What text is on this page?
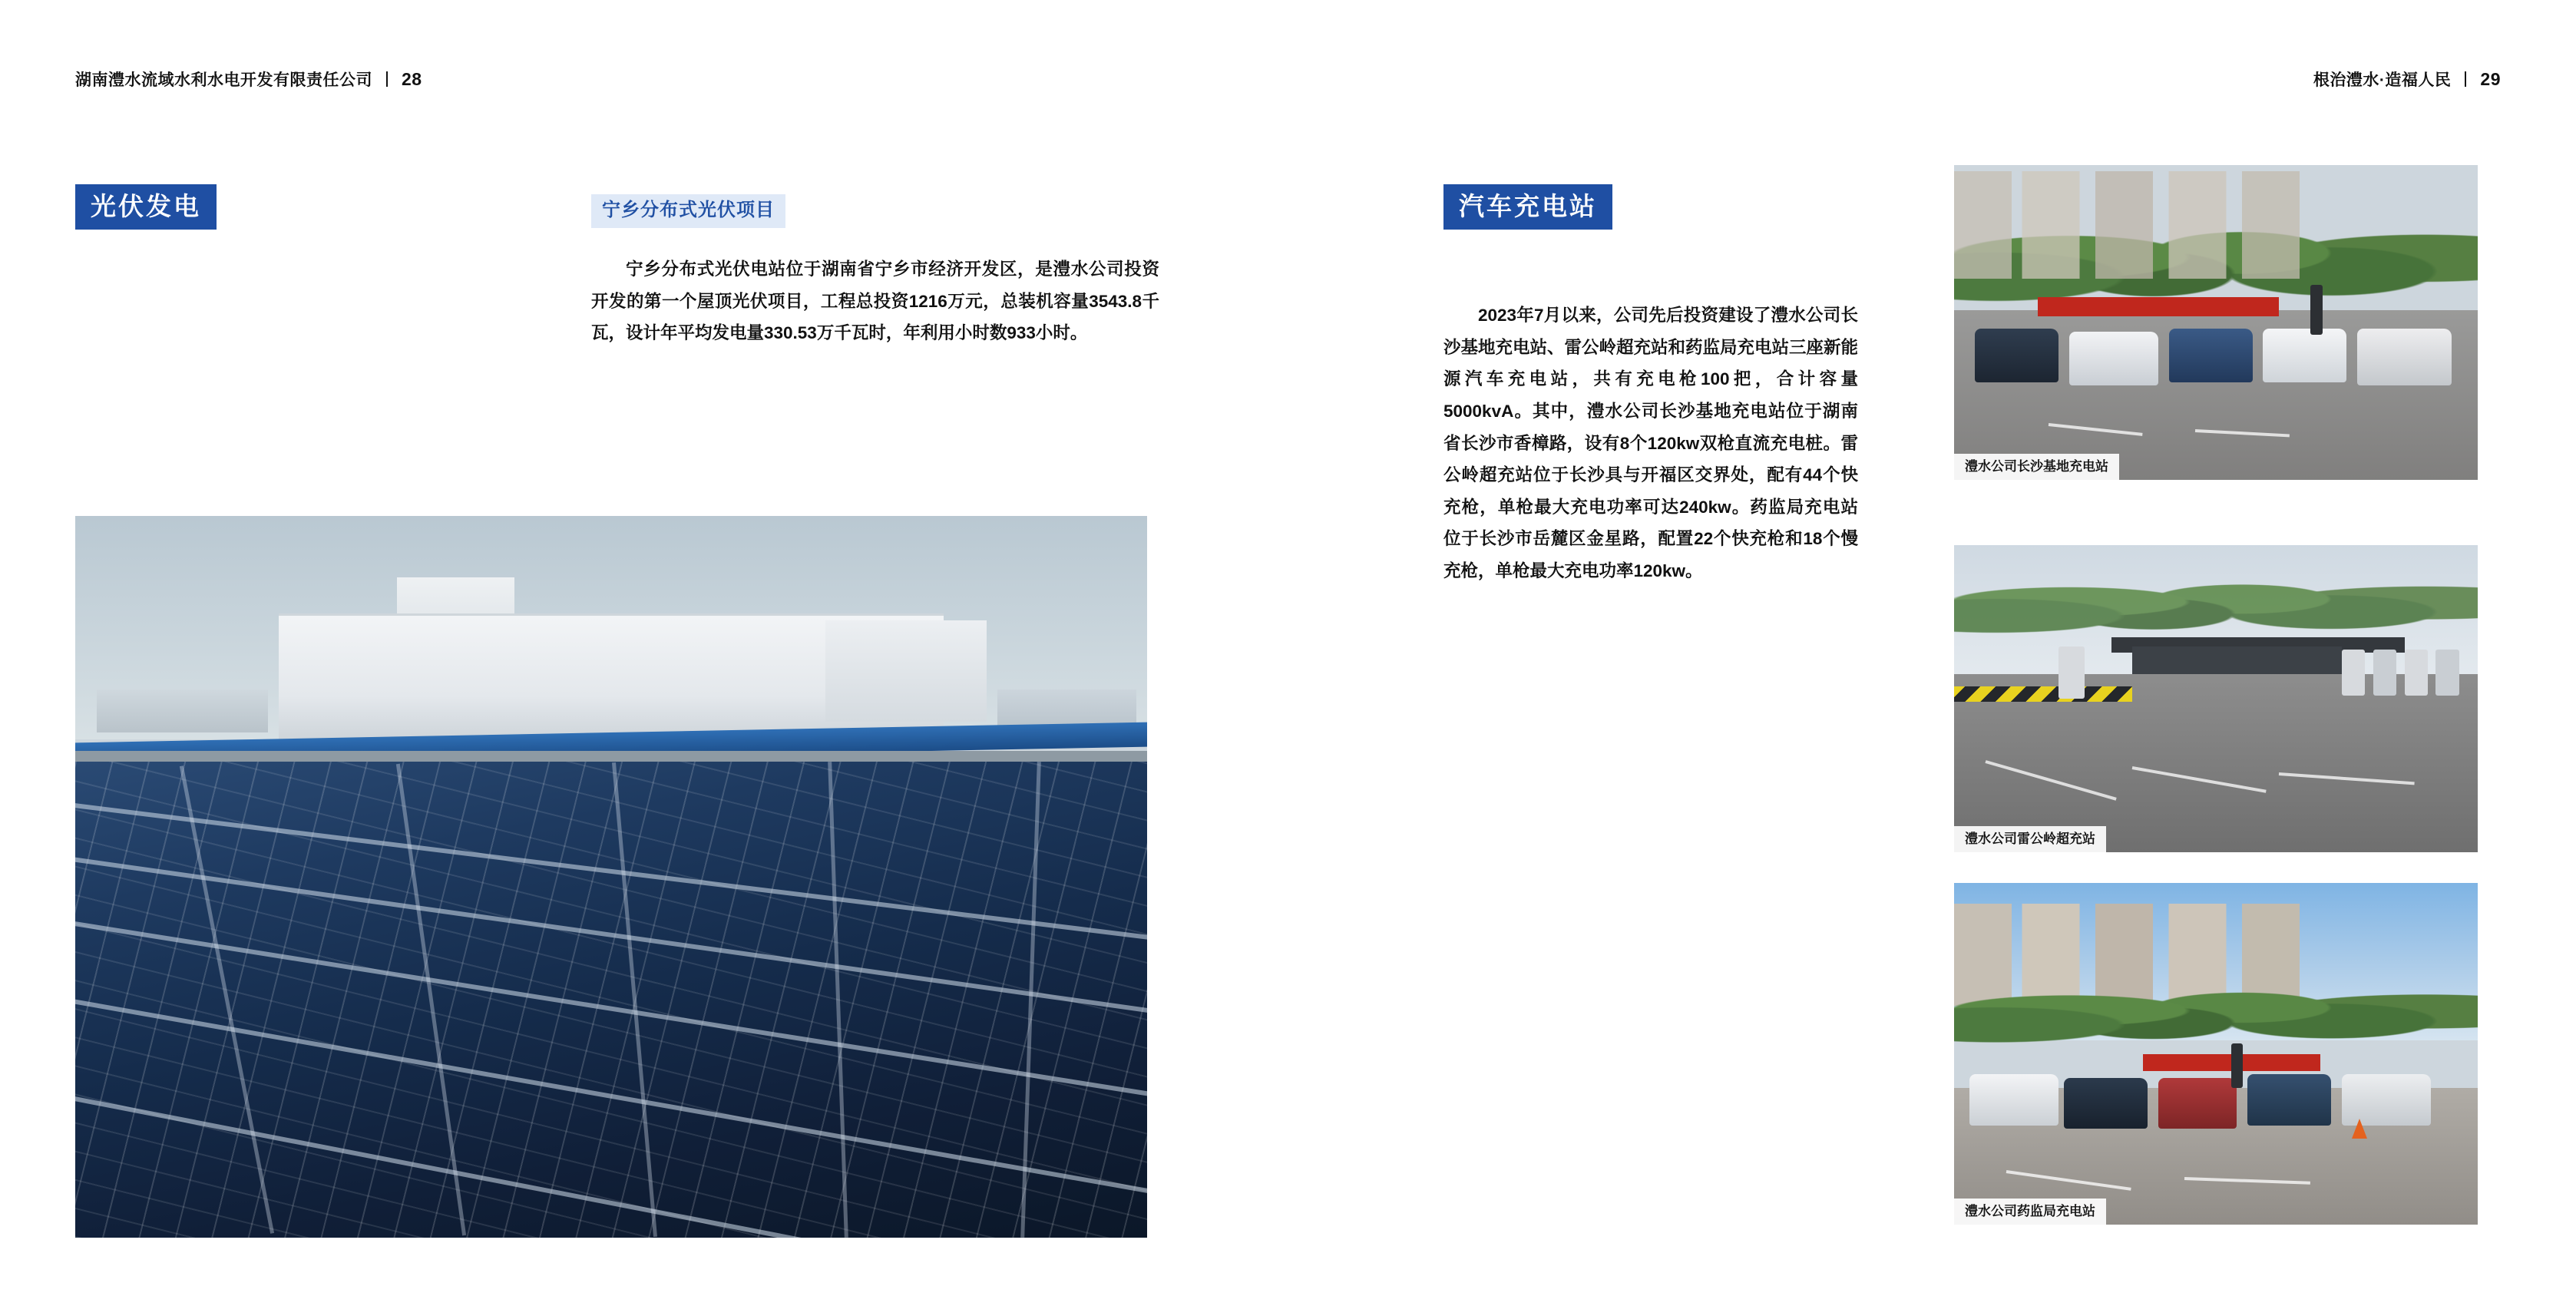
湖南澧水流域水利水电开发有限责任公司 28
光伏发电	宁乡分布式光伏项目

宁乡分布式光伏电站位于湖南省宁乡市经济开发区，是澧水公司投资开发的第一个屋顶光伏项目，工程总投资1216万元，总装机容量3543.8千瓦，设计年平均发电量330.53万千瓦时，年利用小时数933小时。

根治澧水·造福人民 29
汽车充电站

2023年7月以来，公司先后投资建设了澧水公司长沙基地充电站、雷公岭超充站和药监局充电站三座新能源汽车充电站，共有充电枪100把，合计容量5000kvA。其中，澧水公司长沙基地充电站位于湖南省长沙市香樟路，设有8个120kw双枪直流充电桩。雷公岭超充站位于长沙具与开福区交界处，配有44个快充枪，单枪最大充电功率可达240kw。药监局充电站位于长沙市岳麓区金星路，配置22个快充枪和18个慢充枪，单枪最大充电功率120kw。

澧水公司长沙基地充电站
澧水公司雷公岭超充站
澧水公司药监局充电站
